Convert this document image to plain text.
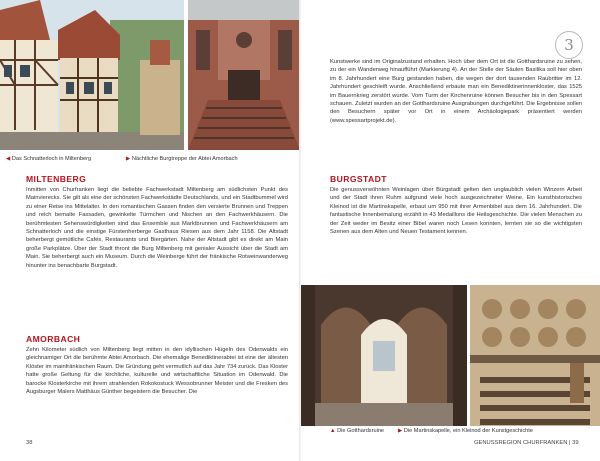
◀ Das Schnatterloch in Miltenberg	▶ Nächtliche Burgtreppe der Abtei Amorbach
MILTENBERG

Inmitten von Churfranken liegt die beliebte Fachwerkstadt Miltenberg am südlichsten Punkt des Mainvierecks. Sie gilt als eine der schönsten Fachwerkstädte Deutschlands, und ein Stadtbummel wird zu einer Reise ins Mittelalter. In den romantischen Gassen finden den versierte Brunnen und Treppen und reich bemalte Fassaden, gewinkelte Türmchen und Nischen an den Fachwerkhäusern. Die berühmtesten Sehenswürdigkeiten sind das Ensemble aus Marktbrunnen und Fachwerkhäusern am Schnatterloch und die einstige Fürstenherberge Gasthaus Riesen aus dem Jahr 1158. Die Altstadt beherbergt gemütliche Cafés, Restaurants und Biergärten. Nahe der Altstadt gibt es direkt am Main große Parkplätze. Über der Stadt thront die Burg Miltenberg mit genialer Aussicht über die Stadt am Main. Sie beherbergt auch ein Museum. Durch die Weinberge führt der fränkische Rotweinwanderweg hinunter ins benachbarte Burgstadt.

AMORBACH

Zehn Kilometer südlich von Miltenberg liegt mitten in den idyllischen Hügeln des Odenwalds ein gleichnamiger Ort die berühmte Abtei Amorbach. Die ehemalige Benediktinerabtei ist eine der ältesten Klöster im mainfränkischen Raum. Die Gründung geht vermutlich auf das Jahr 734 zurück. Das Kloster hatte große Geltung für die kirchliche, kulturelle und wirtschaftliche Situation im Odenwald. Die barocke Klosterkirche mit ihrem strahlenden Rokokostuck Wessobrunner Meister und die Fresken des Augsburger Malers Matthäus Günther begeistern die Besucher. Die

38
3

Kunstwerke sind im Originalzustand erhalten. Hoch über dem Ort ist die Gotthardsruine zu sehen, zu der ein Wanderweg hinaufführt (Markierung 4). An der Stelle der Säulen Basilika soll hier oben im 8. Jahrhundert eine Burg gestanden haben, die wegen der dort tausenden Raubritter im 12. Jahrhundert geschleift wurde. Anschließend erbaute man ein Benediktinerinnenkloster, das 1525 im Bauernkrieg zerstört wurde. Vom Turm der Kirchenruine können Besucher bis in den Spessart schauen. Zuletzt wurden an der Gotthardsruine Ausgrabungen durchgeführt. Die Ergebnisse sollen den Besuchern später vor Ort in einem Archäologiepark präsentiert werden (www.spessartprojekt.de).

BURGSTADT

Die genussverwöhnten Weinlagen über Bürgstadt gelten den unglaublich vielen Winzern Arbeit und der Stadt ihren Ruhm aufgrund viele hoch ausgezeichneter Weine. Ein kunsthistorisches Kleinod ist die Martinskapelle, erbaut um 950 mit ihrer Armenbibel aus dem 16. Jahrhundert. Die fantastische Innenbemalung erzählt in 43 Medaillons die Heilsgeschichte. Die vielen Menschen zu der Zeit weder im Besitz einer Bibel waren noch Lesen konnten, lernten sie so die wichtigsten Szenen aus dem Alten und Neuen Testament kennen.

▲ Die Gotthardsruine ▶ Die Martinskapelle, ein Kleinod der Kunstgeschichte
GENUSSREGION CHURFRANKEN | 39
